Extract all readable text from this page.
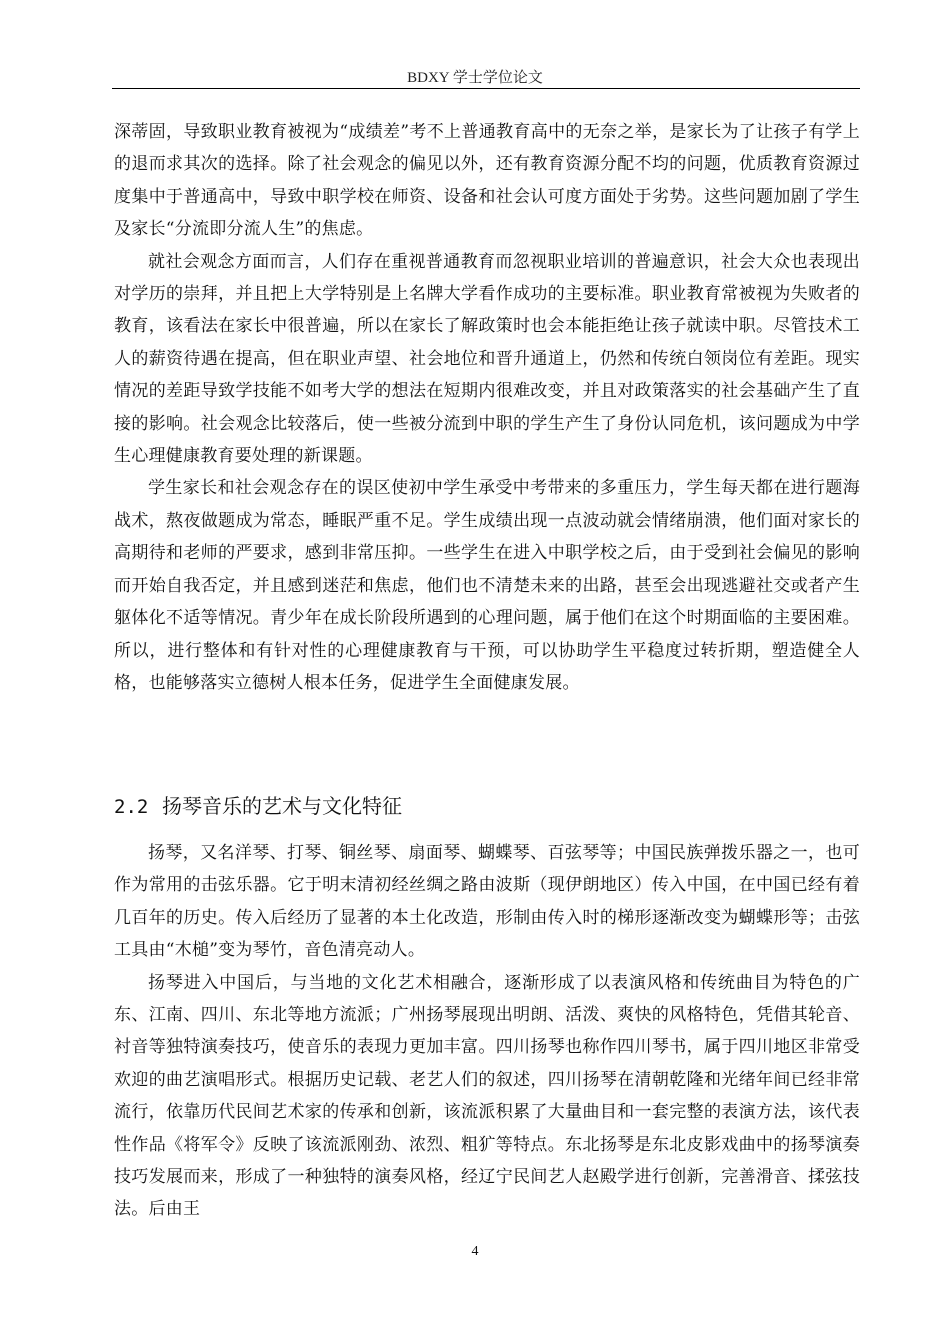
BDXY 学士学位论文

深蒂固，导致职业教育被视为“成绩差”考不上普通教育高中的无奈之举，是家长为了让孩子有学上的退而求其次的选择。除了社会观念的偏见以外，还有教育资源分配不均的问题，优质教育资源过度集中于普通高中，导致中职学校在师资、设备和社会认可度方面处于劣势。这些问题加剧了学生及家长“分流即分流人生”的焦虑。

就社会观念方面而言，人们存在重视普通教育而忽视职业培训的普遍意识，社会大众也表现出对学历的崇拜，并且把上大学特别是上名牌大学看作成功的主要标准。职业教育常被视为失败者的教育，该看法在家长中很普遍，所以在家长了解政策时也会本能拒绝让孩子就读中职。尽管技术工人的薪资待遇在提高，但在职业声望、社会地位和晋升通道上，仍然和传统白领岗位有差距。现实情况的差距导致学技能不如考大学的想法在短期内很难改变，并且对政策落实的社会基础产生了直接的影响。社会观念比较落后，使一些被分流到中职的学生产生了身份认同危机，该问题成为中学生心理健康教育要处理的新课题。

学生家长和社会观念存在的误区使初中学生承受中考带来的多重压力，学生每天都在进行题海战术，熬夜做题成为常态，睡眠严重不足。学生成绩出现一点波动就会情绪崩溃，他们面对家长的高期待和老师的严要求，感到非常压抑。一些学生在进入中职学校之后，由于受到社会偏见的影响而开始自我否定，并且感到迷茫和焦虑，他们也不清楚未来的出路，甚至会出现逃避社交或者产生躯体化不适等情况。青少年在成长阶段所遇到的心理问题，属于他们在这个时期面临的主要困难。所以，进行整体和有针对性的心理健康教育与干预，可以协助学生平稳度过转折期，塑造健全人格，也能够落实立德树人根本任务，促进学生全面健康发展。

2.2 扬琴音乐的艺术与文化特征

扬琴，又名洋琴、打琴、铜丝琴、扇面琴、蝴蝶琴、百弦琴等；中国民族弹拨乐器之一，也可作为常用的击弦乐器。它于明末清初经丝绸之路由波斯（现伊朗地区）传入中国，在中国已经有着几百年的历史。传入后经历了显著的本土化改造，形制由传入时的梯形逐渐改变为蝴蝶形等；击弦工具由“木槌”变为琴竹，音色清亮动人。

扬琴进入中国后，与当地的文化艺术相融合，逐渐形成了以表演风格和传统曲目为特色的广东、江南、四川、东北等地方流派；广州扬琴展现出明朗、活泼、爽快的风格特色，凭借其轮音、衬音等独特演奏技巧，使音乐的表现力更加丰富。四川扬琴也称作四川琴书，属于四川地区非常受欢迎的曲艺演唱形式。根据历史记载、老艺人们的叙述，四川扬琴在清朝乾隆和光绪年间已经非常流行，依靠历代民间艺术家的传承和创新，该流派积累了大量曲目和一套完整的表演方法，该代表性作品《将军令》反映了该流派刚劲、浓烈、粗犷等特点。东北扬琴是东北皮影戏曲中的扬琴演奏技巧发展而来，形成了一种独特的演奏风格，经辽宁民间艺人赵殿学进行创新，完善滑音、揉弦技法。后由王

4
